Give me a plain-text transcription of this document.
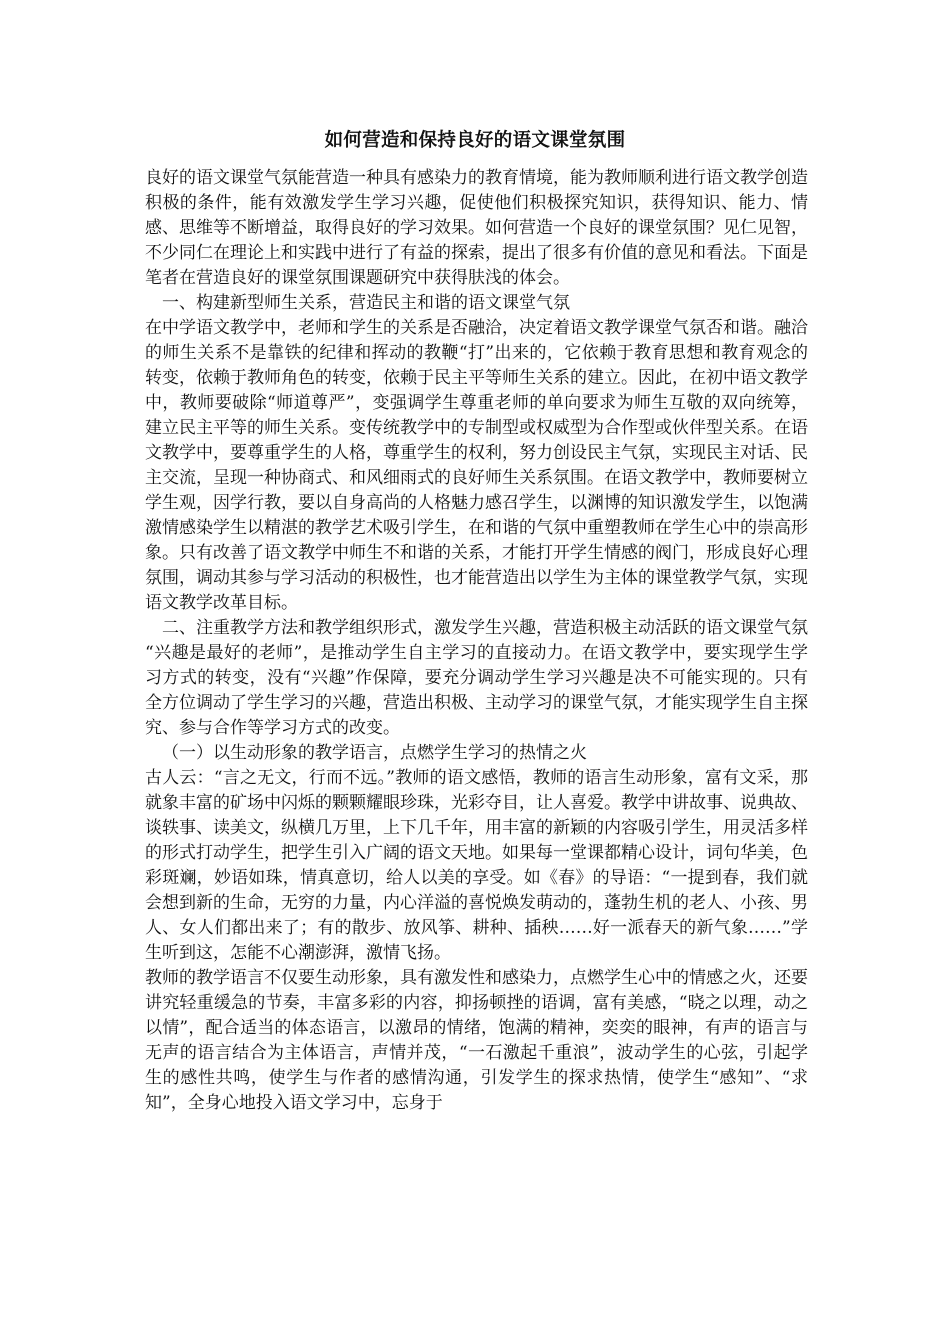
如何营造和保持良好的语文课堂氛围

良好的语文课堂气氛能营造一种具有感染力的教育情境，能为教师顺利进行语文教学创造积极的条件，能有效激发学生学习兴趣，促使他们积极探究知识，获得知识、能力、情感、思维等不断增益，取得良好的学习效果。如何营造一个良好的课堂氛围？见仁见智，不少同仁在理论上和实践中进行了有益的探索，提出了很多有价值的意见和看法。下面是笔者在营造良好的课堂氛围课题研究中获得肤浅的体会。

一、构建新型师生关系，营造民主和谐的语文课堂气氛

在中学语文教学中，老师和学生的关系是否融洽，决定着语文教学课堂气氛否和谐。融洽的师生关系不是靠铁的纪律和挥动的教鞭“打”出来的，它依赖于教育思想和教育观念的转变，依赖于教师角色的转变，依赖于民主平等师生关系的建立。因此，在初中语文教学中，教师要破除“师道尊严”，变强调学生尊重老师的单向要求为师生互敬的双向统筹，建立民主平等的师生关系。变传统教学中的专制型或权威型为合作型或伙伴型关系。在语文教学中，要尊重学生的人格，尊重学生的权利，努力创设民主气氛，实现民主对话、民主交流，呈现一种协商式、和风细雨式的良好师生关系氛围。在语文教学中，教师要树立学生观，因学行教，要以自身高尚的人格魅力感召学生，以渊博的知识激发学生，以饱满激情感染学生以精湛的教学艺术吸引学生，在和谐的气氛中重塑教师在学生心中的崇高形象。只有改善了语文教学中师生不和谐的关系，才能打开学生情感的阀门，形成良好心理氛围，调动其参与学习活动的积极性，也才能营造出以学生为主体的课堂教学气氛，实现语文教学改革目标。

二、注重教学方法和教学组织形式，激发学生兴趣，营造积极主动活跃的语文课堂气氛

“兴趣是最好的老师”，是推动学生自主学习的直接动力。在语文教学中，要实现学生学习方式的转变，没有“兴趣”作保障，要充分调动学生学习兴趣是决不可能实现的。只有全方位调动了学生学习的兴趣，营造出积极、主动学习的课堂气氛，才能实现学生自主探究、参与合作等学习方式的改变。

（一）以生动形象的教学语言，点燃学生学习的热情之火

古人云：“言之无文，行而不远。”教师的语文感悟，教师的语言生动形象，富有文采，那就象丰富的矿场中闪烁的颗颗耀眼珍珠，光彩夺目，让人喜爱。教学中讲故事、说典故、谈轶事、读美文，纵横几万里，上下几千年，用丰富的新颖的内容吸引学生，用灵活多样的形式打动学生，把学生引入广阔的语文天地。如果每一堂课都精心设计，词句华美，色彩斑斓，妙语如珠，情真意切，给人以美的享受。如《春》的导语：“一提到春，我们就会想到新的生命，无穷的力量，内心洋溢的喜悦焕发萌动的，蓬勃生机的老人、小孩、男人、女人们都出来了；有的散步、放风筝、耕种、插秧……好一派春天的新气象……”学生听到这，怎能不心潮澎湃，激情飞扬。

教师的教学语言不仅要生动形象，具有激发性和感染力，点燃学生心中的情感之火，还要讲究轻重缓急的节奏，丰富多彩的内容，抑扬顿挫的语调，富有美感，“晓之以理，动之以情”，配合适当的体态语言，以激昂的情绪，饱满的精神，奕奕的眼神，有声的语言与无声的语言结合为主体语言，声情并茂，“一石激起千重浪”，波动学生的心弦，引起学生的感性共鸣，使学生与作者的感情沟通，引发学生的探求热情，使学生“感知”、“求知”，全身心地投入语文学习中，忘身于
